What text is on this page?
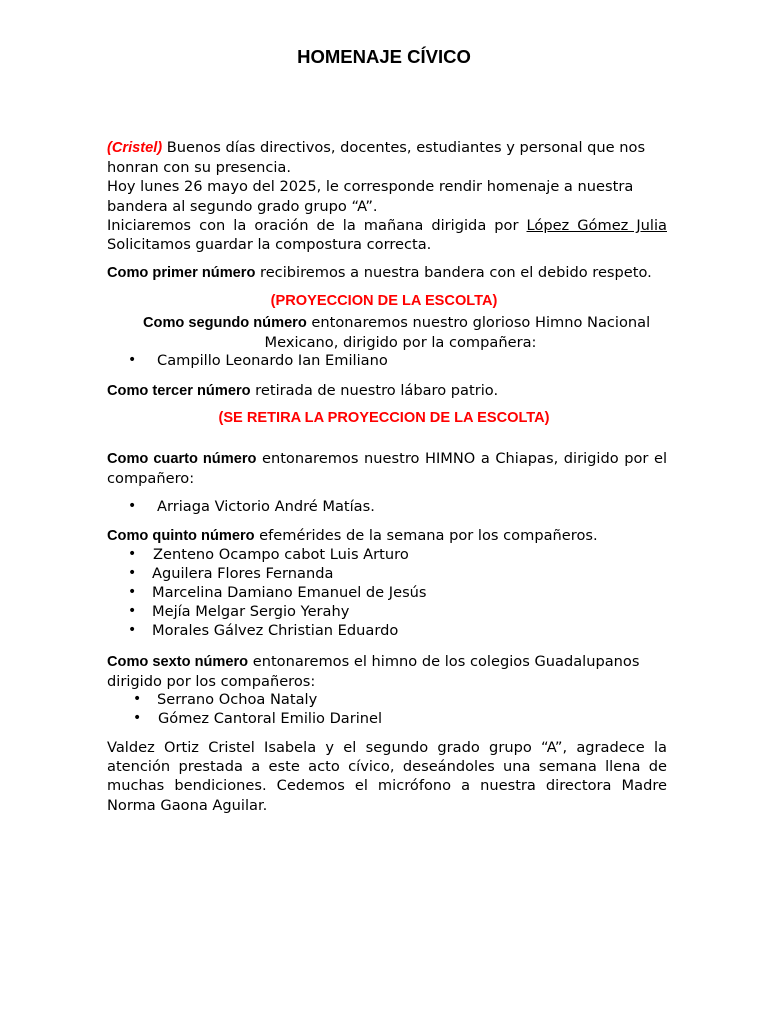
HOMENAJE CÍVICO
(Cristel) Buenos días directivos, docentes, estudiantes y personal que nos honran con su presencia.
Hoy lunes 26 mayo del 2025, le corresponde rendir homenaje a nuestra bandera al segundo grado grupo “A”.
Iniciaremos con la oración de la mañana dirigida por López Gómez Julia
Solicitamos guardar la compostura correcta.
Como primer número recibiremos a nuestra bandera con el debido respeto.
(PROYECCION DE LA ESCOLTA)
Como segundo número entonaremos nuestro glorioso Himno Nacional
Mexicano, dirigido por la compañera:
• Campillo Leonardo Ian Emiliano
Como tercer número retirada de nuestro lábaro patrio.
(SE RETIRA LA PROYECCION DE LA ESCOLTA)
Como cuarto número entonaremos nuestro HIMNO a Chiapas, dirigido por el compañero:
• Arriaga Victorio André Matías.
Como quinto número efemérides de la semana por los compañeros.
• Zenteno Ocampo cabot Luis Arturo
• Aguilera Flores Fernanda
• Marcelina Damiano Emanuel de Jesús
• Mejía Melgar Sergio Yerahy
• Morales Gálvez Christian Eduardo
Como sexto número entonaremos el himno de los colegios Guadalupanos dirigido por los compañeros:
• Serrano Ochoa Nataly
• Gómez Cantoral Emilio Darinel
Valdez Ortiz Cristel Isabela y el segundo grado grupo “A”, agradece la atención prestada a este acto cívico, deseándoles una semana llena de muchas bendiciones. Cedemos el micrófono a nuestra directora Madre Norma Gaona Aguilar.
